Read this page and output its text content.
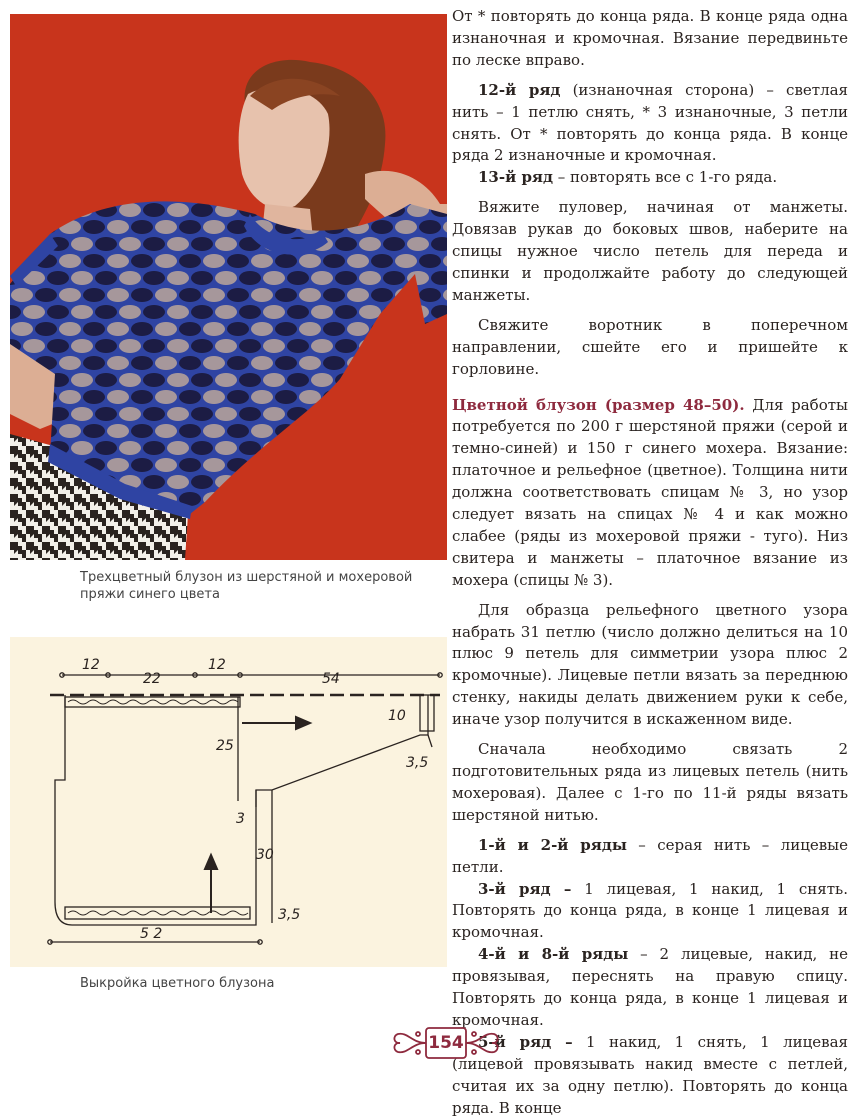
Трехцветный блузон из шерстяной и мохеровой
пряжи синего цвета
12
22
12
54
10
25
3,5
3
30
3,5
5 2
Выкройка цветного блузона

От * повторять до конца ряда. В конце ряда одна изнаночная и кромочная. Вязание передвиньте по леске вправо.

12-й ряд (изнаночная сторона) – светлая нить – 1 петлю снять, * 3 изнаночные, 3 петли снять. От * повторять до конца ряда. В конце ряда 2 изнаночные и кромочная.

13-й ряд – повторять все с 1-го ряда.

Вяжите пуловер, начиная от манжеты. Довязав рукав до боковых швов, наберите на спицы нужное число петель для переда и спинки и продолжайте работу до следующей манжеты.

Свяжите воротник в поперечном направлении, сшейте его и пришейте к горловине.

Цветной блузон (размер 48–50). Для работы потребуется по 200 г шерстяной пряжи (серой и темно-синей) и 150 г синего мохера. Вязание: платочное и рельефное (цветное). Толщина нити должна соответствовать спицам № 3, но узор следует вязать на спицах № 4 и как можно слабее (ряды из мохеровой пряжи - туго). Низ свитера и манжеты – платочное вязание из мохера (спицы № 3).

Для образца рельефного цветного узора набрать 31 петлю (число должно делиться на 10 плюс 9 петель для симметрии узора плюс 2 кромочные). Лицевые петли вязать за переднюю стенку, накиды делать движением руки к себе, иначе узор получится в искаженном виде.

Сначала необходимо связать 2 подготовительных ряда из лицевых петель (нить мохеровая). Далее с 1-го по 11-й ряды вязать шерстяной нитью.

1-й и 2-й ряды – серая нить – лицевые петли.

3-й ряд – 1 лицевая, 1 накид, 1 снять. Повторять до конца ряда, в конце 1 лицевая и кромочная.

4-й и 8-й ряды – 2 лицевые, накид, не провязывая, переснять на правую спицу. Повторять до конца ряда, в конце 1 лицевая и кромочная.

5-й ряд – 1 накид, 1 снять, 1 лицевая (лицевой провязывать накид вместе с петлей, считая их за одну петлю). Повторять до конца ряда. В конце

154
